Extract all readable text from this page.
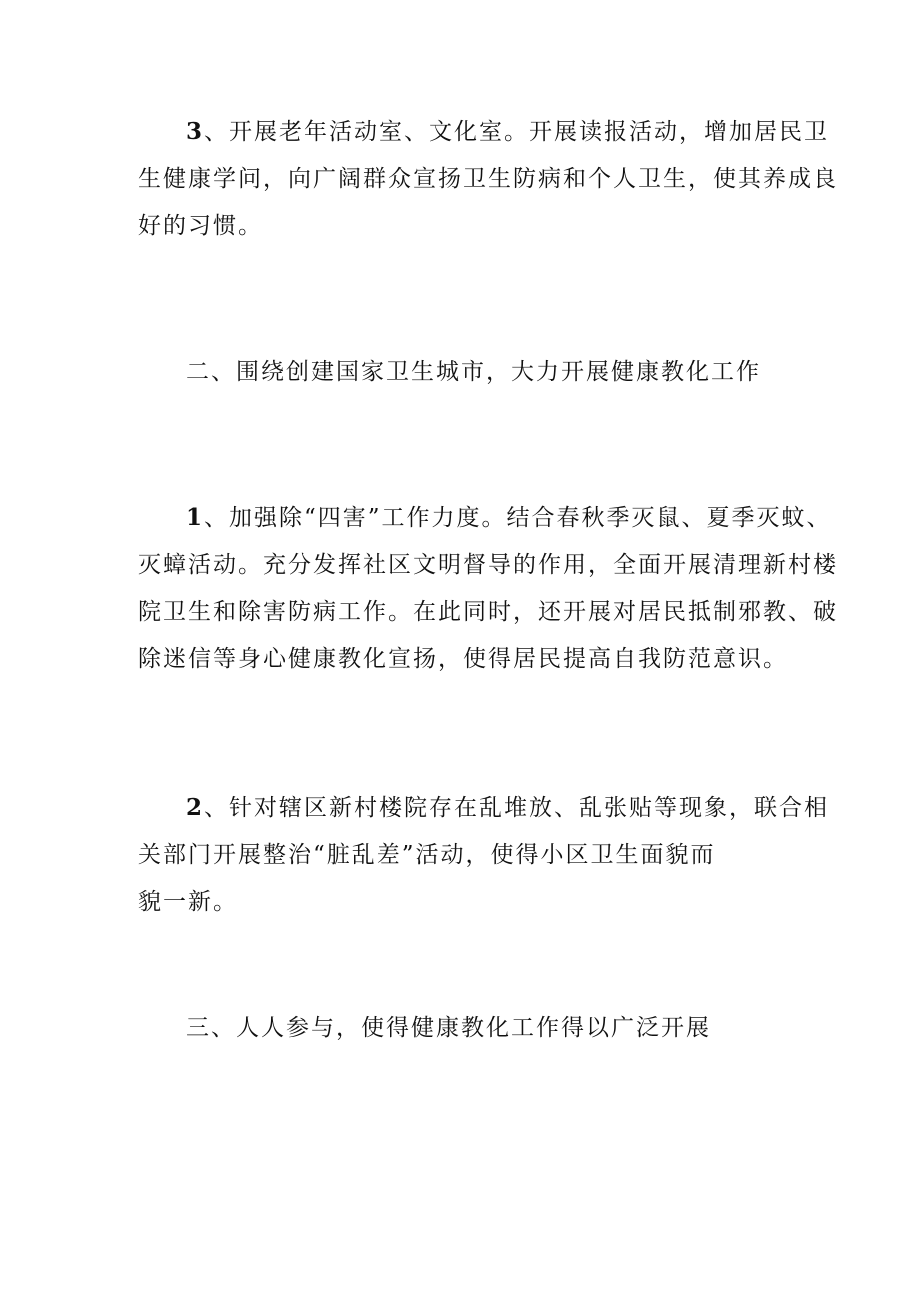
3、开展老年活动室、文化室。开展读报活动，增加居民卫
生健康学问，向广阔群众宣扬卫生防病和个人卫生，使其养成良
好的习惯。

二、围绕创建国家卫生城市，大力开展健康教化工作

1、加强除“四害”工作力度。结合春秋季灭鼠、夏季灭蚊、
灭蟑活动。充分发挥社区文明督导的作用，全面开展清理新村楼
院卫生和除害防病工作。在此同时，还开展对居民抵制邪教、破
除迷信等身心健康教化宣扬，使得居民提高自我防范意识。

2、针对辖区新村楼院存在乱堆放、乱张贴等现象，联合相
关部门开展整治“脏乱差”活动，使得小区卫生面貌而
貌一新。

三、人人参与，使得健康教化工作得以广泛开展
